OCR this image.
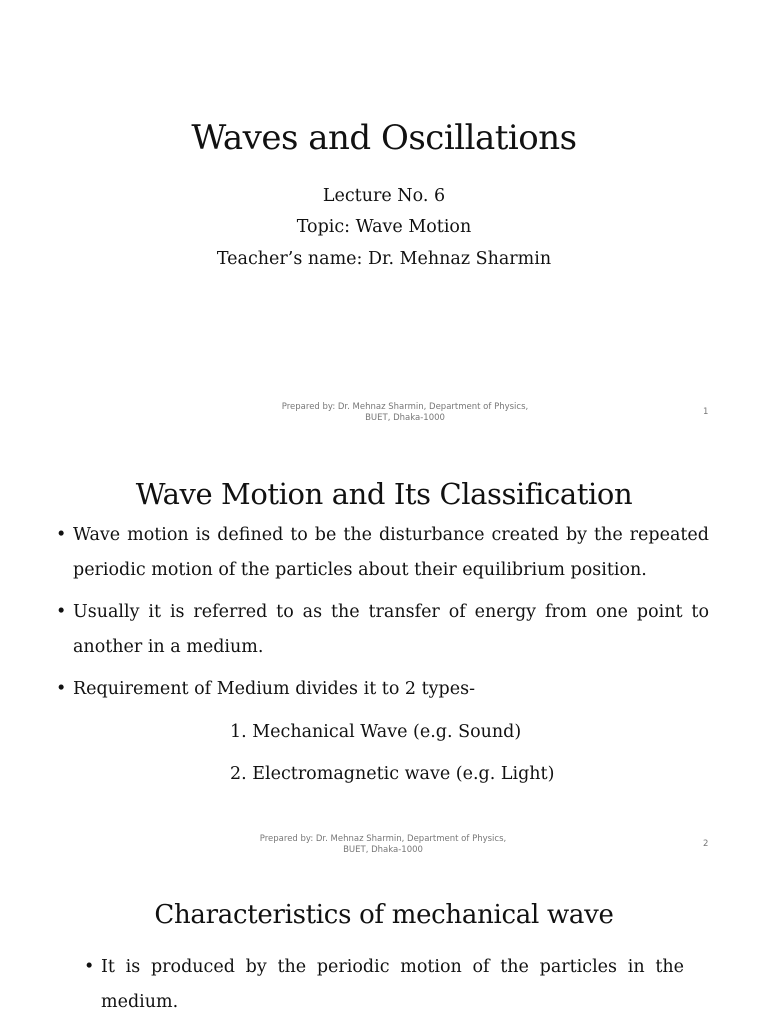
Waves and Oscillations
Lecture No. 6
Topic: Wave Motion
Teacher’s name: Dr. Mehnaz Sharmin
Prepared by: Dr. Mehnaz Sharmin, Department of Physics,
BUET, Dhaka-1000
1
Wave Motion and Its Classification
• Wave motion is defined to be the disturbance created by the repeated periodic motion of the particles about their equilibrium position.
• Usually it is referred to as the transfer of energy from one point to another in a medium.
• Requirement of Medium divides it to 2 types-
1. Mechanical Wave (e.g. Sound)
2. Electromagnetic wave (e.g. Light)
Prepared by: Dr. Mehnaz Sharmin, Department of Physics,
BUET, Dhaka-1000
2
Characteristics of mechanical wave
• It is produced by the periodic motion of the particles in the medium.
